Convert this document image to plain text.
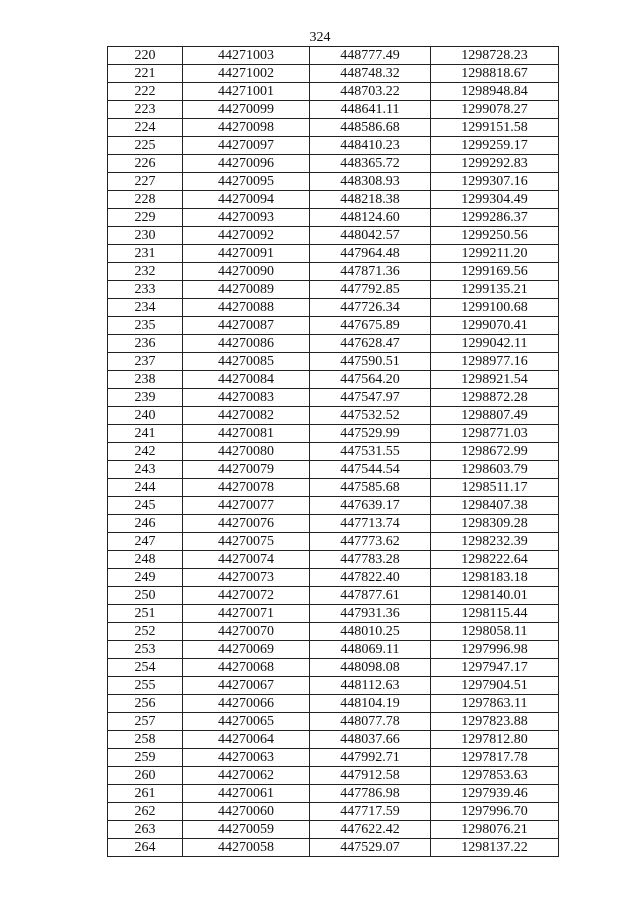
324
220	44271003	448777.49	1298728.23
221	44271002	448748.32	1298818.67
222	44271001	448703.22	1298948.84
223	44270099	448641.11	1299078.27
224	44270098	448586.68	1299151.58
225	44270097	448410.23	1299259.17
226	44270096	448365.72	1299292.83
227	44270095	448308.93	1299307.16
228	44270094	448218.38	1299304.49
229	44270093	448124.60	1299286.37
230	44270092	448042.57	1299250.56
231	44270091	447964.48	1299211.20
232	44270090	447871.36	1299169.56
233	44270089	447792.85	1299135.21
234	44270088	447726.34	1299100.68
235	44270087	447675.89	1299070.41
236	44270086	447628.47	1299042.11
237	44270085	447590.51	1298977.16
238	44270084	447564.20	1298921.54
239	44270083	447547.97	1298872.28
240	44270082	447532.52	1298807.49
241	44270081	447529.99	1298771.03
242	44270080	447531.55	1298672.99
243	44270079	447544.54	1298603.79
244	44270078	447585.68	1298511.17
245	44270077	447639.17	1298407.38
246	44270076	447713.74	1298309.28
247	44270075	447773.62	1298232.39
248	44270074	447783.28	1298222.64
249	44270073	447822.40	1298183.18
250	44270072	447877.61	1298140.01
251	44270071	447931.36	1298115.44
252	44270070	448010.25	1298058.11
253	44270069	448069.11	1297996.98
254	44270068	448098.08	1297947.17
255	44270067	448112.63	1297904.51
256	44270066	448104.19	1297863.11
257	44270065	448077.78	1297823.88
258	44270064	448037.66	1297812.80
259	44270063	447992.71	1297817.78
260	44270062	447912.58	1297853.63
261	44270061	447786.98	1297939.46
262	44270060	447717.59	1297996.70
263	44270059	447622.42	1298076.21
264	44270058	447529.07	1298137.22
